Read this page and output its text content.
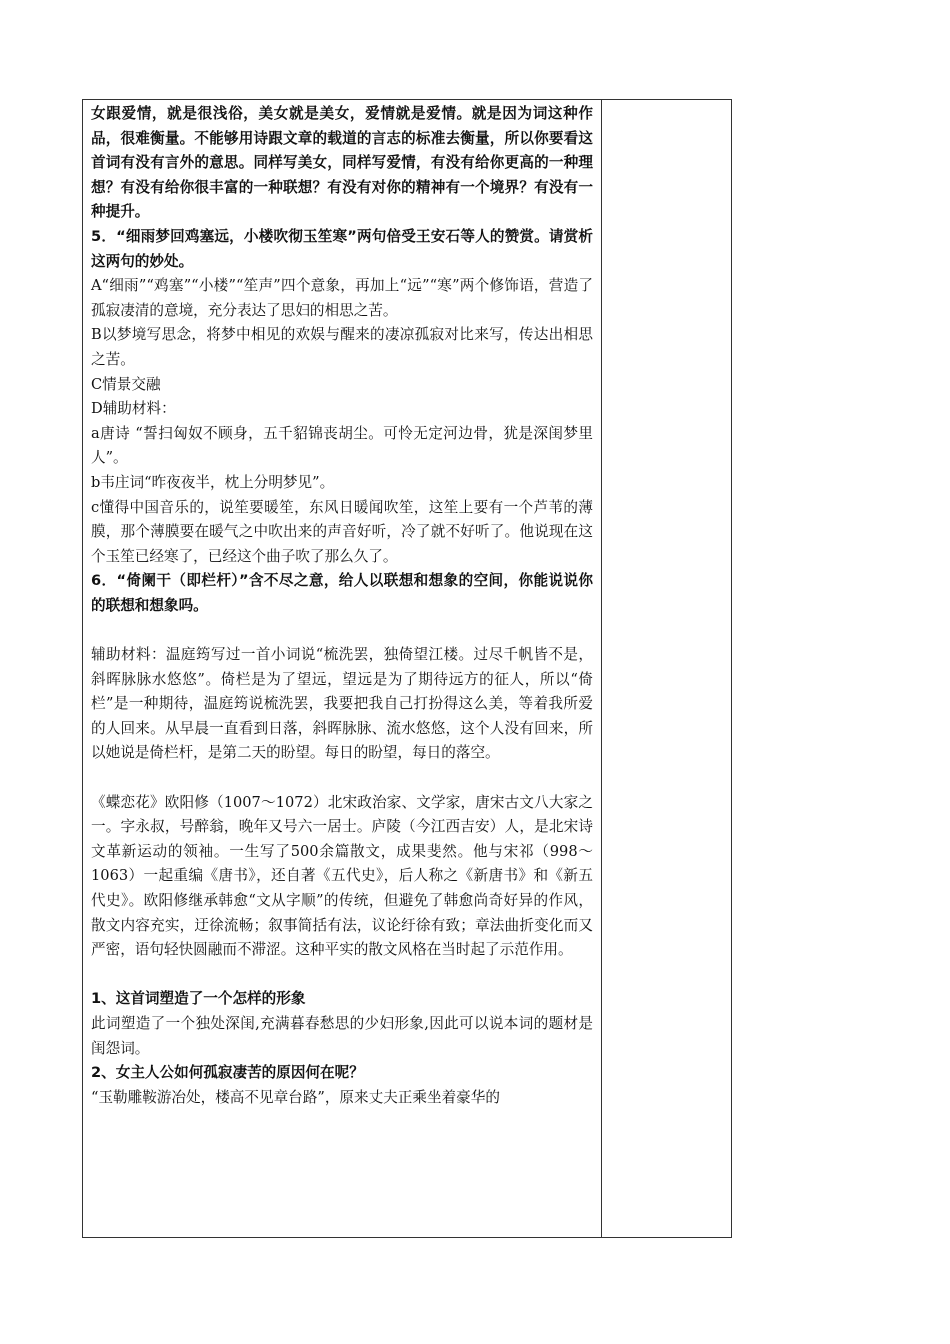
女跟爱情，就是很浅俗，美女就是美女，爱情就是爱情。就是因为词这种作品，很难衡量。不能够用诗跟文章的载道的言志的标准去衡量，所以你要看这首词有没有言外的意思。同样写美女，同样写爱情，有没有给你更高的一种理想？有没有给你很丰富的一种联想？有没有对你的精神有一个境界？有没有一种提升。

5．“细雨梦回鸡塞远，小楼吹彻玉笙寒”两句倍受王安石等人的赞赏。请赏析这两句的妙处。

A“细雨”“鸡塞”“小楼”“笙声”四个意象，再加上“远”“寒”两个修饰语，营造了孤寂凄清的意境，充分表达了思妇的相思之苦。

B以梦境写思念，将梦中相见的欢娱与醒来的凄凉孤寂对比来写，传达出相思之苦。

C情景交融

D辅助材料：

a唐诗 “誓扫匈奴不顾身，五千貂锦丧胡尘。可怜无定河边骨，犹是深闺梦里人”。

b韦庄词“昨夜夜半，枕上分明梦见”。

c懂得中国音乐的，说笙要暖笙，东风日暖闻吹笙，这笙上要有一个芦苇的薄膜，那个薄膜要在暖气之中吹出来的声音好听，冷了就不好听了。他说现在这个玉笙已经寒了，已经这个曲子吹了那么久了。

6．“倚阑干（即栏杆）”含不尽之意，给人以联想和想象的空间，你能说说你的联想和想象吗。

辅助材料：温庭筠写过一首小词说“梳洗罢，独倚望江楼。过尽千帆皆不是，斜晖脉脉水悠悠”。倚栏是为了望远，望远是为了期待远方的征人，所以“倚栏”是一种期待，温庭筠说梳洗罢，我要把我自己打扮得这么美，等着我所爱的人回来。从早晨一直看到日落，斜晖脉脉、流水悠悠，这个人没有回来，所以她说是倚栏杆，是第二天的盼望。每日的盼望，每日的落空。

《蝶恋花》欧阳修（1007～1072）北宋政治家、文学家，唐宋古文八大家之一。字永叔，号醉翁，晚年又号六一居士。庐陵（今江西吉安）人，是北宋诗文革新运动的领袖。一生写了500余篇散文，成果斐然。他与宋祁（998～1063）一起重编《唐书》，还自著《五代史》，后人称之《新唐书》和《新五代史》。欧阳修继承韩愈“文从字顺”的传统，但避免了韩愈尚奇好异的作风，散文内容充实，迂徐流畅；叙事简括有法，议论纡徐有致；章法曲折变化而又严密，语句轻快圆融而不滞涩。这种平实的散文风格在当时起了示范作用。

1、这首词塑造了一个怎样的形象

此词塑造了一个独处深闺,充满暮春愁思的少妇形象,因此可以说本词的题材是闺怨词。

2、女主人公如何孤寂凄苦的原因何在呢？

“玉勒雕鞍游冶处，楼高不见章台路”，原来丈夫正乘坐着豪华的
